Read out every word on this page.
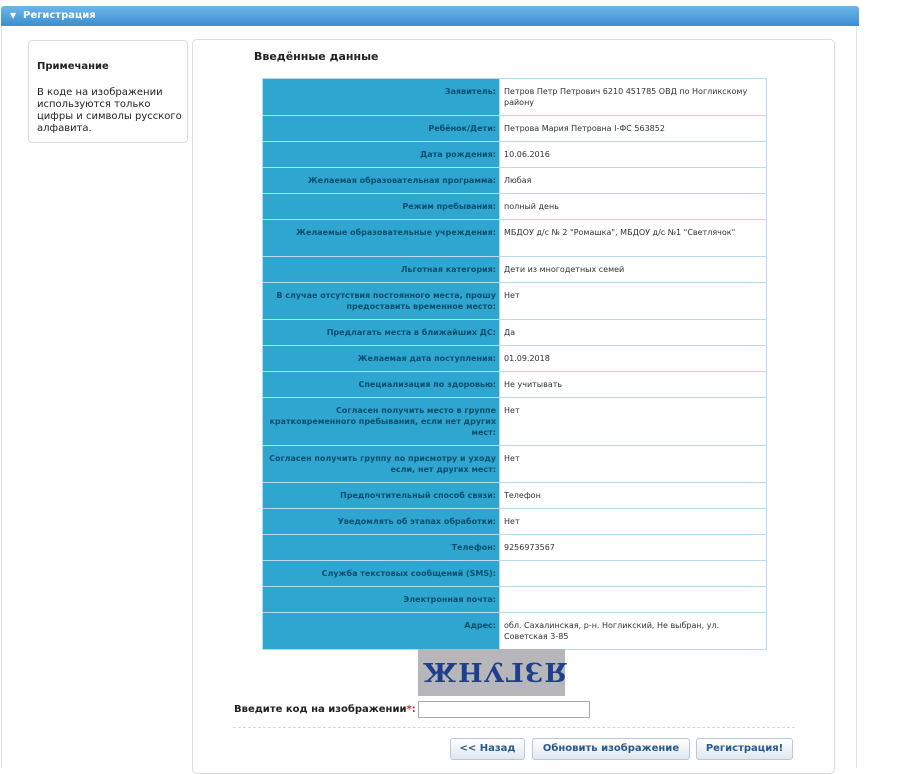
▼ Регистрация
Примечание
В коде на изображении используются только цифры и символы русского алфавита.
Введённые данные
Заявитель:	Петров Петр Петрович 6210 451785 ОВД по Ногликскому району
Ребёнок/Дети:	Петрова Мария Петровна I-ФС 563852
Дата рождения:	10.06.2016
Желаемая образовательная программа:	Любая
Режим пребывания:	полный день
Желаемые образовательные учреждения:	МБДОУ д/с № 2 "Ромашка", МБДОУ д/с №1 "Светлячок"
Льготная категория:	Дети из многодетных семей
В случае отсутствия постоянного места, прошу предоставить временное место:	Нет
Предлагать места в ближайших ДС:	Да
Желаемая дата поступления:	01.09.2018
Специализация по здоровью:	Не учитывать
Согласен получить место в группе кратковременного пребывания, если нет других мест:	Нет
Согласен получить группу по присмотру и уходу если, нет других мест:	Нет
Предпочтительный способ связи:	Телефон
Уведомлять об этапах обработки:	Нет
Телефон:	9256973567
Служба текстовых сообщений (SMS):	
Электронная почта:	
Адрес:	обл. Сахалинская, р-н. Ногликский, Не выбран, ул. Советская 3-85
ЯЗГУНЖ
Введите код на изображении*:
<< Назад	Обновить изображение	Регистрация!
